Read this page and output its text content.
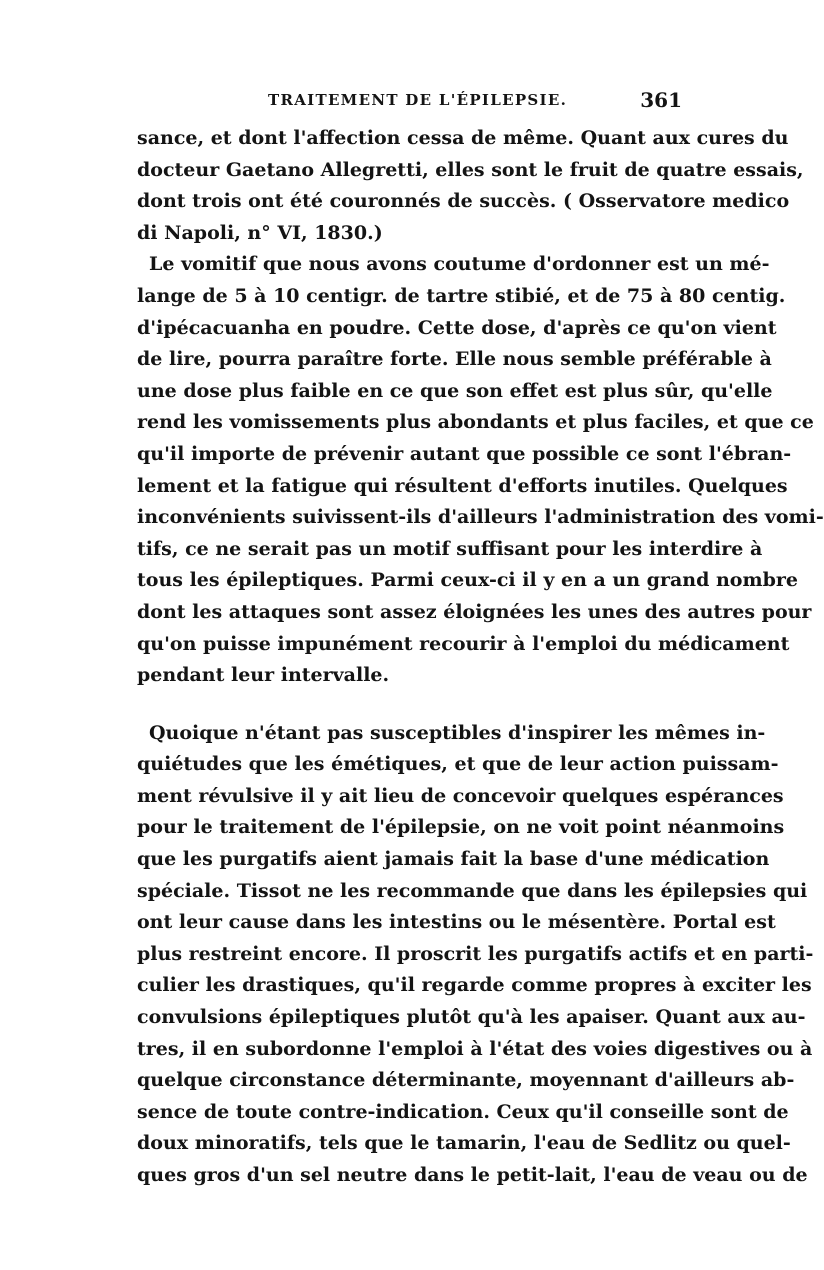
TRAITEMENT DE L'ÉPILEPSIE.	361
sance, et dont l'affection cessa de même. Quant aux cures du
docteur Gaetano Allegretti, elles sont le fruit de quatre essais,
dont trois ont été couronnés de succès. ( Osservatore medico
di Napoli, n° VI, 1830.)
Le vomitif que nous avons coutume d'ordonner est un mé-
lange de 5 à 10 centigr. de tartre stibié, et de 75 à 80 centig.
d'ipécacuanha en poudre. Cette dose, d'après ce qu'on vient
de lire, pourra paraître forte. Elle nous semble préférable à
une dose plus faible en ce que son effet est plus sûr, qu'elle
rend les vomissements plus abondants et plus faciles, et que ce
qu'il importe de prévenir autant que possible ce sont l'ébran-
lement et la fatigue qui résultent d'efforts inutiles. Quelques
inconvénients suivissent-ils d'ailleurs l'administration des vomi-
tifs, ce ne serait pas un motif suffisant pour les interdire à
tous les épileptiques. Parmi ceux-ci il y en a un grand nombre
dont les attaques sont assez éloignées les unes des autres pour
qu'on puisse impunément recourir à l'emploi du médicament
pendant leur intervalle.
Quoique n'étant pas susceptibles d'inspirer les mêmes in-
quiétudes que les émétiques, et que de leur action puissam-
ment révulsive il y ait lieu de concevoir quelques espérances
pour le traitement de l'épilepsie, on ne voit point néanmoins
que les purgatifs aient jamais fait la base d'une médication
spéciale. Tissot ne les recommande que dans les épilepsies qui
ont leur cause dans les intestins ou le mésentère. Portal est
plus restreint encore. Il proscrit les purgatifs actifs et en parti-
culier les drastiques, qu'il regarde comme propres à exciter les
convulsions épileptiques plutôt qu'à les apaiser. Quant aux au-
tres, il en subordonne l'emploi à l'état des voies digestives ou à
quelque circonstance déterminante, moyennant d'ailleurs ab-
sence de toute contre-indication. Ceux qu'il conseille sont de
doux minoratifs, tels que le tamarin, l'eau de Sedlitz ou quel-
ques gros d'un sel neutre dans le petit-lait, l'eau de veau ou de
